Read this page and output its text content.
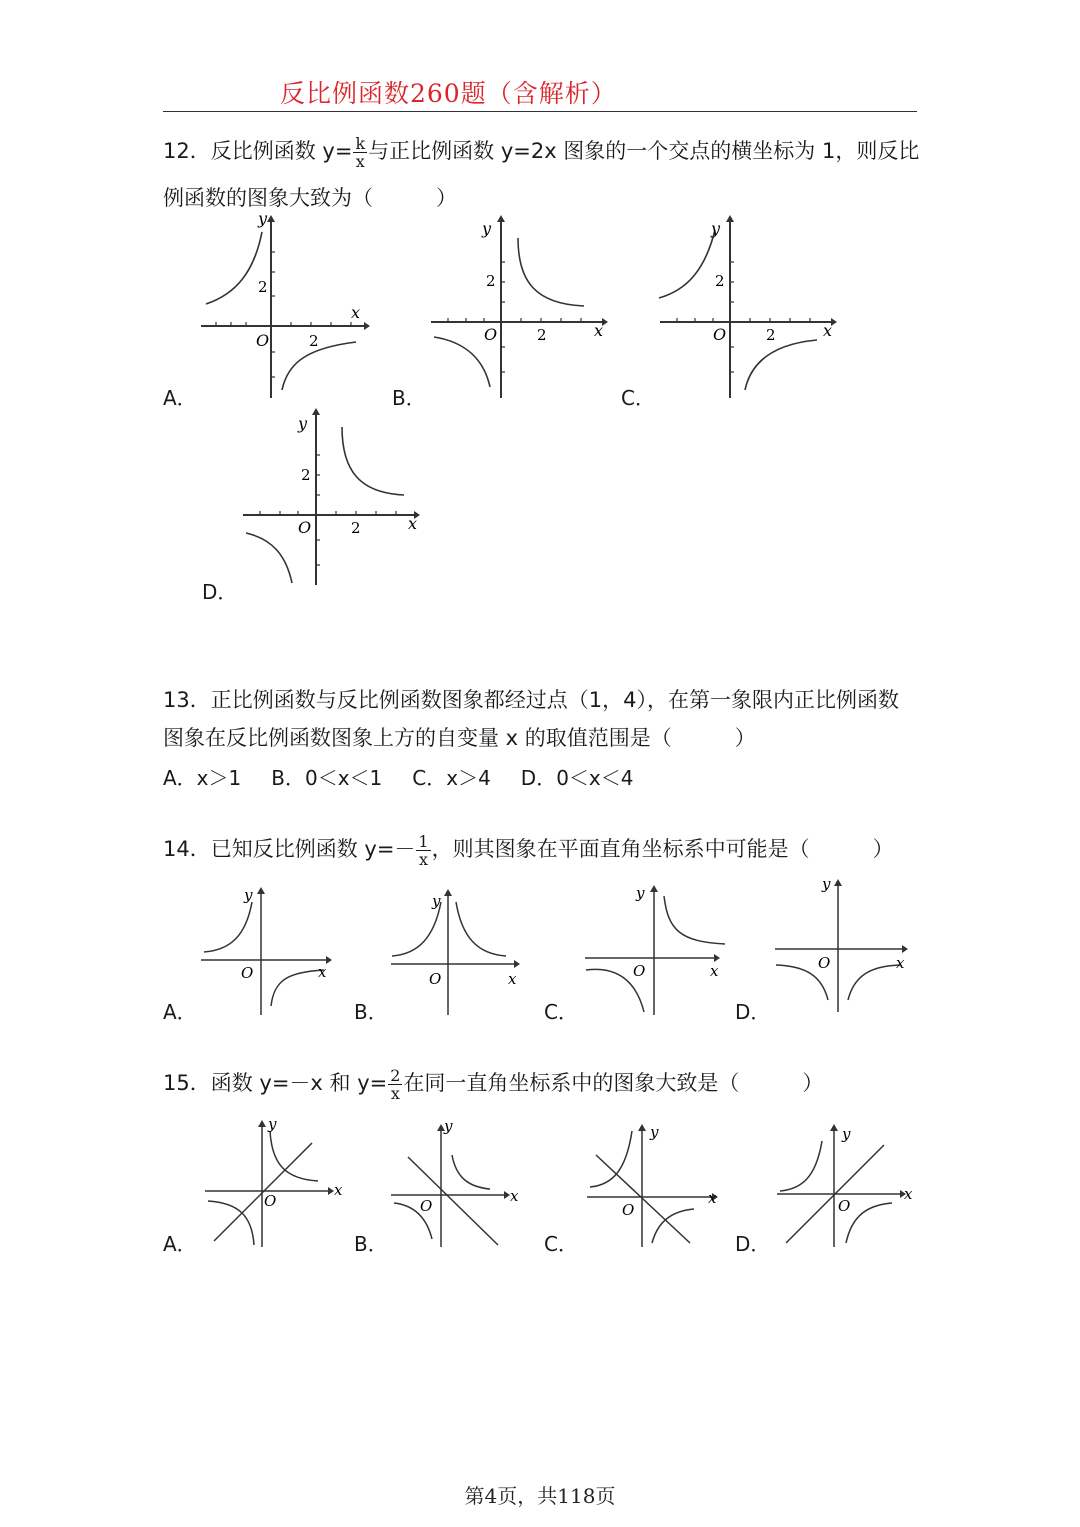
反比例函数260题（含解析）
12．反比例函数 $y= \frac{k}{x}$ 与正比例函数 y=2x 图象的一个交点的横坐标为 1，则反比
例函数的图象大致为（　　　）
y
x
O	2
2
A．
y
x
O	2
2
B．
y
x
O	2
2
C．
y
x
O	2
2
D．
13．正比例函数与反比例函数图象都经过点（1，4），在第一象限内正比例函数
图象在反比例函数图象上方的自变量 x 的取值范围是（　　　）
A．x＞1 B．0＜x＜1 C．x＞4 D．0＜x＜4
14．已知反比例函数 $y=- \frac{1}{x}$ ，则其图象在平面直角坐标系中可能是（　　　）
y
x
O
A．
y
x
O
B．
y
x
O
C．
y
x
O
D．
15．函数 y=－x 和 $y= \frac{2}{x}$ 在同一直角坐标系中的图象大致是（　　　）
y
x
O
A．
y
x
O
B．
y
x
O
C．
y
x
O
D．
第4页，共118页
